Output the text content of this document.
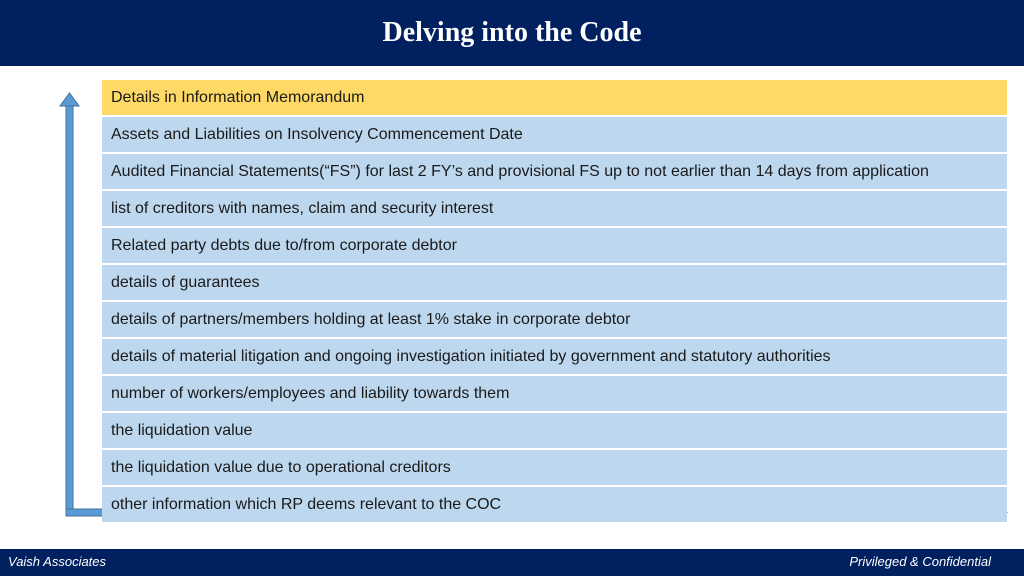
Delving into the Code
Details in Information Memorandum
Assets and Liabilities on Insolvency Commencement Date
Audited Financial Statements(“FS”) for last 2 FY’s and provisional FS up to not earlier than 14 days from application
list of creditors with names, claim and security interest
Related party debts due to/from corporate debtor
details of guarantees
details of partners/members holding at least 1% stake in corporate debtor
details of material litigation and ongoing investigation initiated by government and statutory authorities
number of workers/employees and liability towards them
the liquidation value
the liquidation value due to operational creditors
other information which RP deems relevant to the COC
Vaish Associates	Privileged & Confidential
